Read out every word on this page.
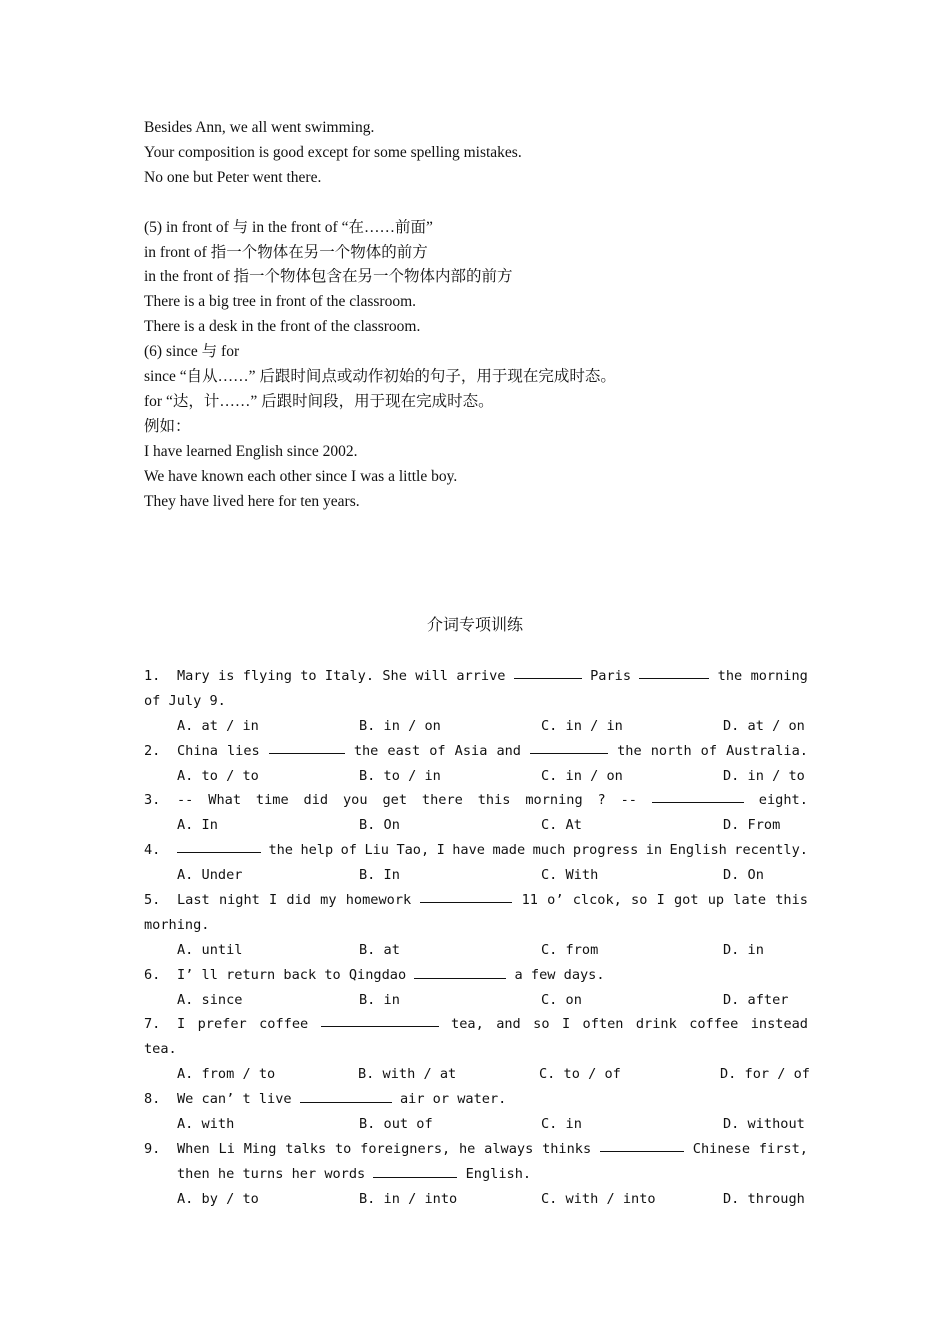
Besides Ann, we all went swimming.
Your composition is good except for some spelling mistakes.
No one but Peter went there.
(5) in front of 与 in the front of “在……前面”
in front of 指一个物体在另一个物体的前方
in the front of 指一个物体包含在另一个物体内部的前方
There is a big tree in front of the classroom.
There is a desk in the front of the classroom.
(6) since 与 for
since “自从……” 后跟时间点或动作初始的句子，用于现在完成时态。
for “达，计……” 后跟时间段，用于现在完成时态。
例如：
I have learned English since 2002.
We have known each other since I was a little boy.
They have lived here for ten years.
介词专项训练
1.	Mary is flying to Italy. She will arrive	Paris	the morning
of July 9.
A. at / in	B. in / on	C. in / in	D. at / on
2.	China lies	the east of Asia and	the north of Australia.
A. to / to	B. to / in	C. in / on	D. in / to
3.	-- What time did you get there this morning ? --	eight.
A. In	B. On	C. At	D. From
4.	the help of Liu Tao, I have made much progress in English recently.
A. Under	B. In	C. With	D. On
5.	Last night I did my homework	11 o’ clcok, so I got up late this
morhing.
A. until	B. at	C. from	D. in
6.	I’ ll return back to Qingdao	a few days.
A. since	B. in	C. on	D. after
7.	I prefer coffee	tea, and so I often drink coffee instead
tea.
A. from / to	B. with / at	C. to / of	D. for / of
8.	We can’ t live	air or water.
A. with	B. out of	C. in	D. without
9.	When Li Ming talks to foreigners, he always thinks	Chinese first,
then he turns her words	English.
A. by / to	B. in / into	C. with / into	D. through
